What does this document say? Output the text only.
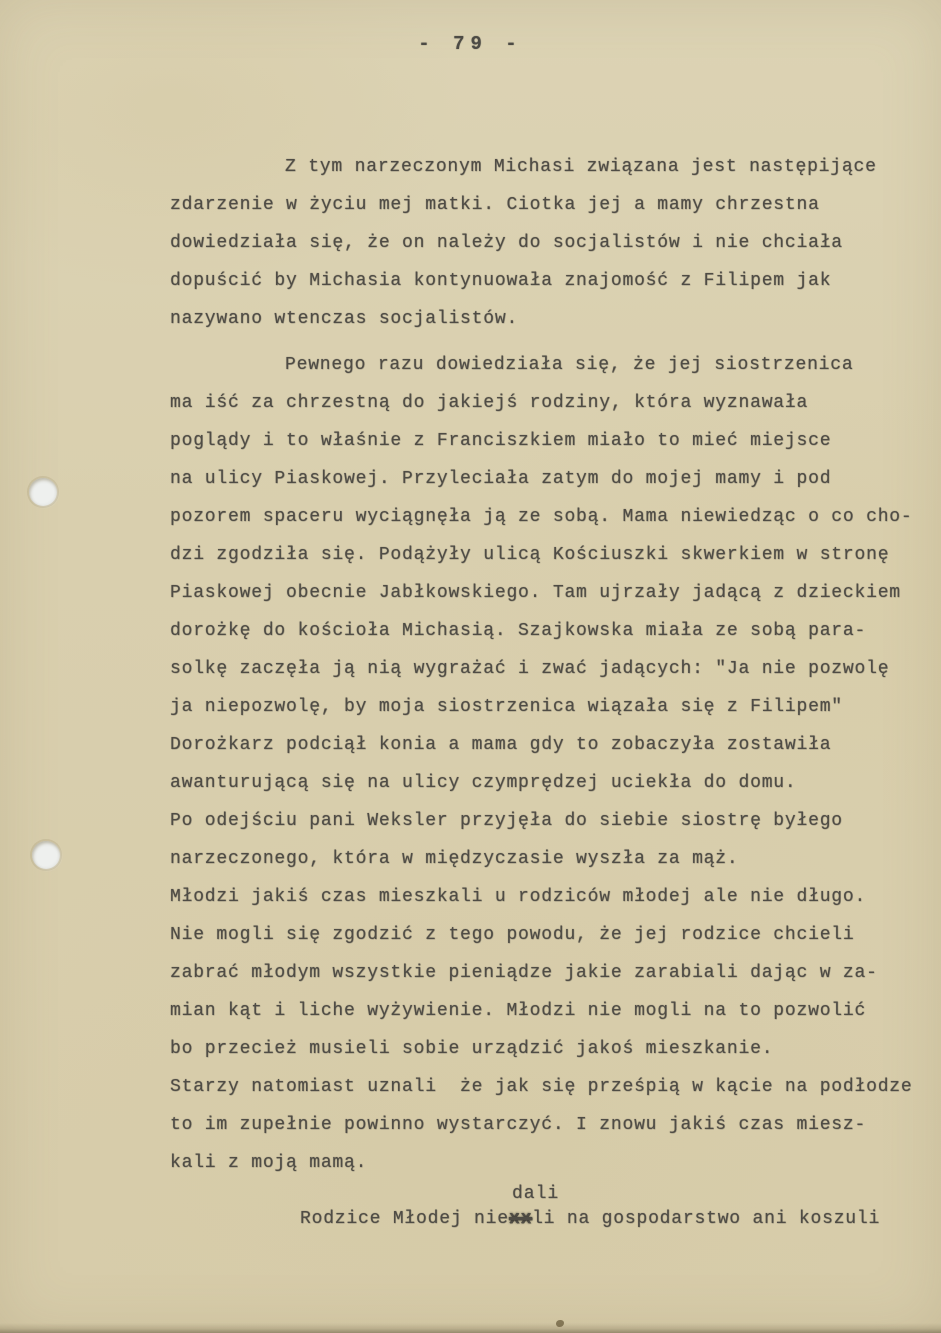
- 79 -
Z tym narzeczonym Michasi związana jest następijące
zdarzenie w życiu mej matki. Ciotka jej a mamy chrzestna
dowiedziała się, że on należy do socjalistów i nie chciała
dopuścić by Michasia kontynuowała znajomość z Filipem jak
nazywano wtenczas socjalistów.
Pewnego razu dowiedziała się, że jej siostrzenica
ma iść za chrzestną do jakiejś rodziny, która wyznawała
poglądy i to właśnie z Franciszkiem miało to mieć miejsce
na ulicy Piaskowej. Przyleciała zatym do mojej mamy i pod
pozorem spaceru wyciągnęła ją ze sobą. Mama niewiedząc o co cho-
dzi zgodziła się. Podążyły ulicą Kościuszki skwerkiem w stronę
Piaskowej obecnie Jabłkowskiego. Tam ujrzały jadącą z dzieckiem
dorożkę do kościoła Michasią. Szajkowska miała ze sobą para-
solkę zaczęła ją nią wygrażać i zwać jadących: "Ja nie pozwolę
ja niepozwolę, by moja siostrzenica wiązała się z Filipem"
Dorożkarz podciął konia a mama gdy to zobaczyła zostawiła
awanturującą się na ulicy czymprędzej uciekła do domu.
Po odejściu pani Weksler przyjęła do siebie siostrę byłego
narzeczonego, która w międzyczasie wyszła za mąż.
Młodzi jakiś czas mieszkali u rodziców młodej ale nie długo.
Nie mogli się zgodzić z tego powodu, że jej rodzice chcieli
zabrać młodym wszystkie pieniądze jakie zarabiali dając w za-
mian kąt i liche wyżywienie. Młodzi nie mogli na to pozwolić
bo przecież musieli sobie urządzić jakoś mieszkanie.
Starzy natomiast uznali  że jak się prześpią w kącie na podłodze
to im zupełnie powinno wystarczyć. I znowu jakiś czas miesz-
kali z moją mamą.
dali
Rodzice Młodej niexxli na gospodarstwo ani koszuli
